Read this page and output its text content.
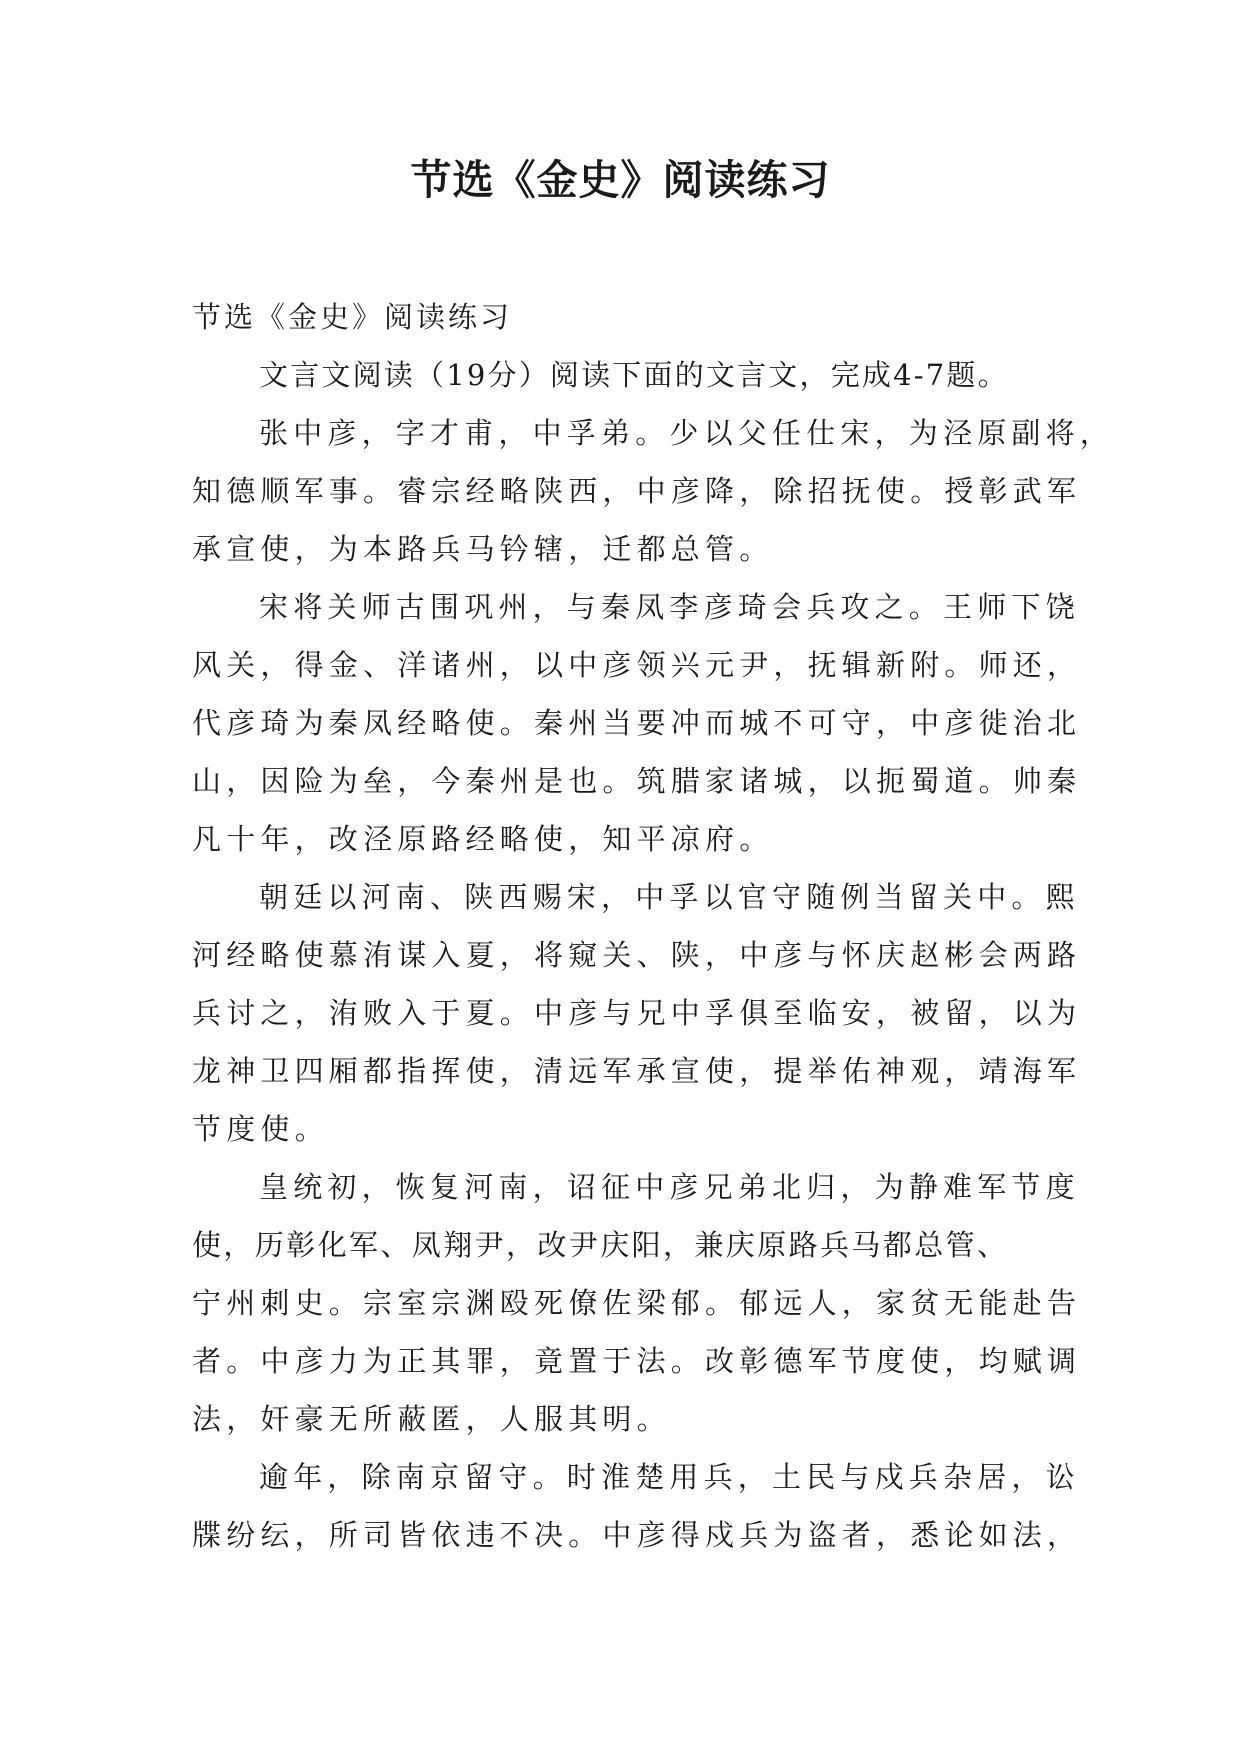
节选《金史》阅读练习

节选《金史》阅读练习

文言文阅读（19分）阅读下面的文言文，完成4-7题。

张中彦，字才甫，中孚弟。少以父任仕宋，为泾原副将，

知德顺军事。睿宗经略陕西，中彦降，除招抚使。授彰武军

承宣使，为本路兵马钤辖，迁都总管。

宋将关师古围巩州，与秦凤李彦琦会兵攻之。王师下饶

风关，得金、洋诸州，以中彦领兴元尹，抚辑新附。师还，

代彦琦为秦凤经略使。秦州当要冲而城不可守，中彦徙治北

山，因险为垒，今秦州是也。筑腊家诸城，以扼蜀道。帅秦

凡十年，改泾原路经略使，知平凉府。

朝廷以河南、陕西赐宋，中孚以官守随例当留关中。熙

河经略使慕洧谋入夏，将窥关、陕，中彦与怀庆赵彬会两路

兵讨之，洧败入于夏。中彦与兄中孚俱至临安，被留，以为

龙神卫四厢都指挥使，清远军承宣使，提举佑神观，靖海军

节度使。

皇统初，恢复河南，诏征中彦兄弟北归，为静难军节度

使，历彰化军、凤翔尹，改尹庆阳，兼庆原路兵马都总管、

宁州刺史。宗室宗渊殴死僚佐梁郁。郁远人，家贫无能赴告

者。中彦力为正其罪，竟置于法。改彰德军节度使，均赋调

法，奸豪无所蔽匿，人服其明。

逾年，除南京留守。时淮楚用兵，土民与戍兵杂居，讼

牒纷纭，所司皆依违不决。中彦得戍兵为盗者，悉论如法，
